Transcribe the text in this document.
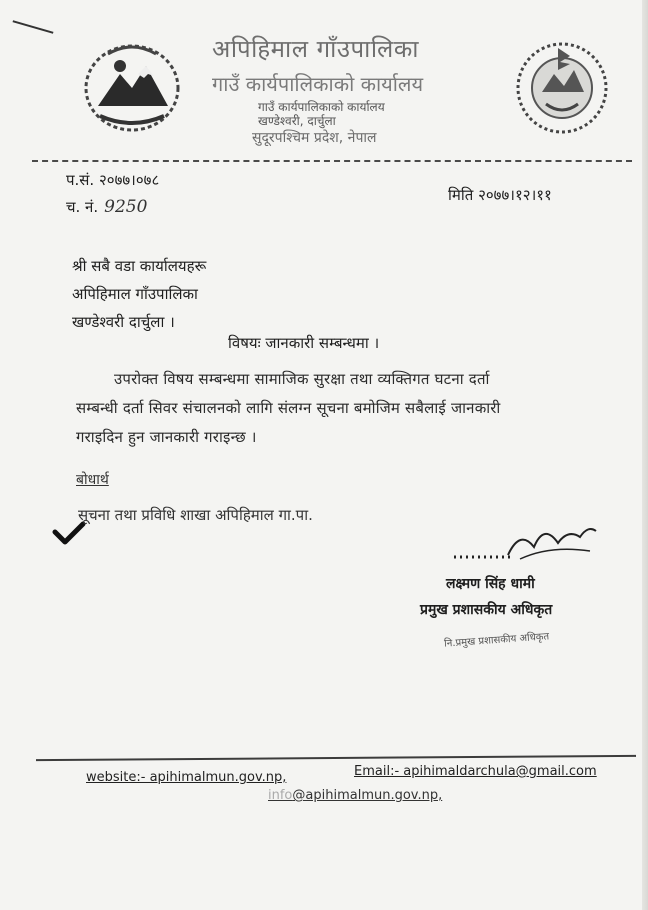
अपिहिमाल गाँउपालिका
गाउँ कार्यपालिकाको कार्यालय
गाउँ कार्यपालिकाको कार्यालय
खण्डेश्वरी, दार्चुला
सुदूरपश्चिम प्रदेश, नेपाल
प.सं. २०७७।०७८
च. नं. 9250
मिति २०७७।१२।११
श्री सबै वडा कार्यालयहरू
अपिहिमाल गाँउपालिका
खण्डेश्वरी दार्चुला ।
विषयः जानकारी सम्बन्धमा ।
उपरोक्त विषय सम्बन्धमा सामाजिक सुरक्षा तथा व्यक्तिगत घटना दर्ता
सम्बन्धी दर्ता सिवर संचालनको लागि संलग्न सूचना बमोजिम सबैलाई जानकारी
गराइदिन हुन जानकारी गराइन्छ ।
बोधार्थ
सूचना तथा प्रविधि शाखा अपिहिमाल गा.पा.
लक्ष्मण सिंह धामी
प्रमुख प्रशासकीय अधिकृत
नि.प्रमुख प्रशासकीय अधिकृत
website:- apihimalmun.gov.np,	Email:- apihimaldarchula@gmail.com
info@apihimalmun.gov.np,
